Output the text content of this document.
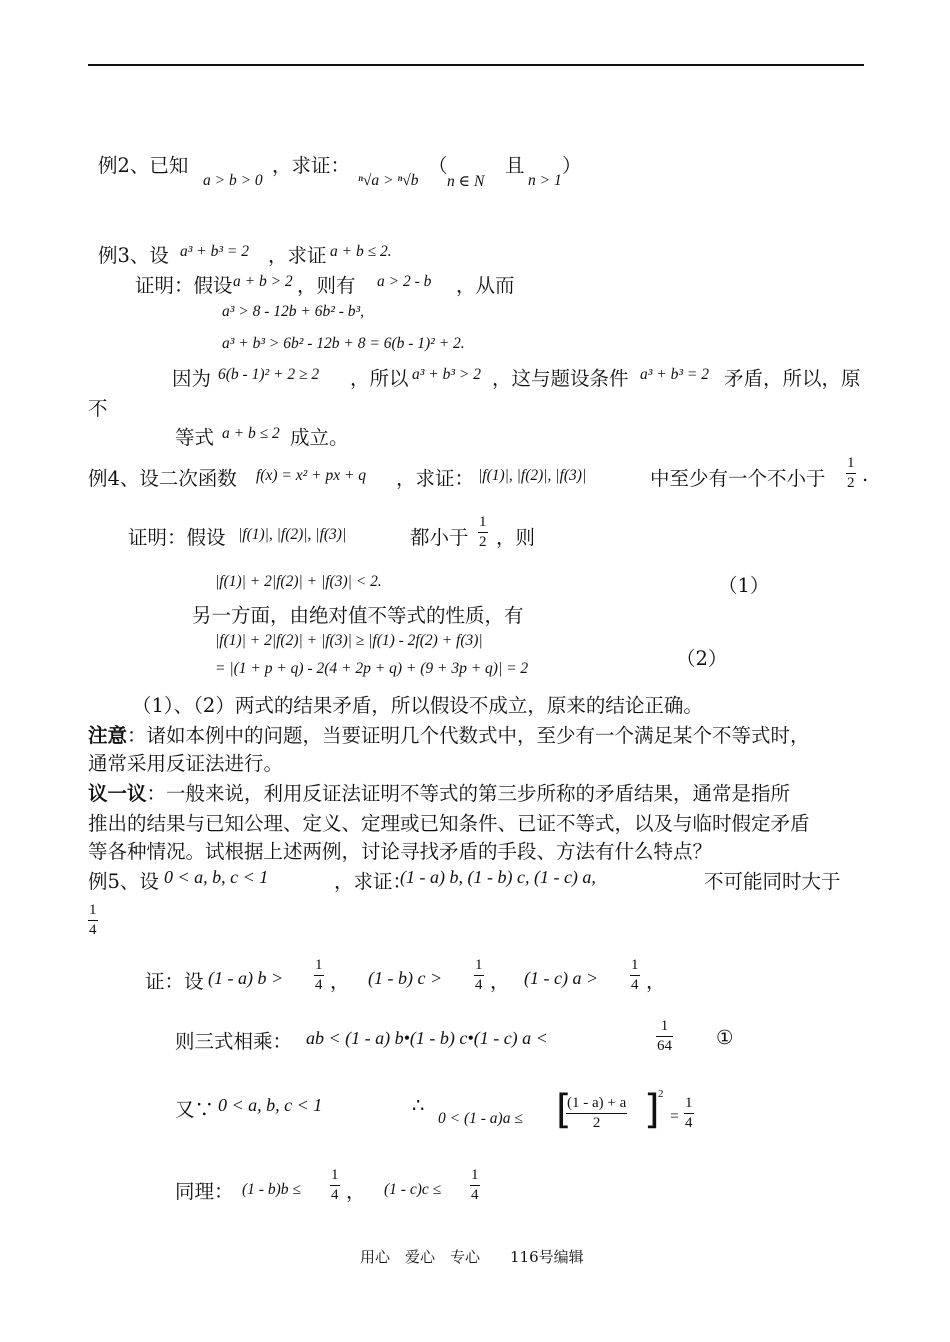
例2、已知
a > b > 0
，求证：
ⁿ√a > ⁿ√b
（
n ∈ N
且
n > 1
）
例3、设 a³ + b³ = 2 ，求证 a + b ≤ 2.
证明：假设 a + b > 2 ，则有 a > 2 - b ，从而
a³ > 8 - 12b + 6b² - b³,
a³ + b³ > 6b² - 12b + 8 = 6(b - 1)² + 2.
因为 6(b - 1)² + 2 ≥ 2 ，所以 a³ + b³ > 2 ，这与题设条件 a³ + b³ = 2 矛盾，所以，原
不
等式 a + b ≤ 2 成立。
例4、设二次函数 f(x) = x² + px + q ，求证： |f(1)|, |f(2)|, |f(3)|	中至少有一个不小于 $\frac{1}{2}$ .
证明：假设 |f(1)|, |f(2)|, |f(3)|	都小于 $\frac{1}{2}$ ，则
|f(1)| + 2|f(2)| + |f(3)| < 2.	（1）
另一方面，由绝对值不等式的性质，有
|f(1)| + 2|f(2)| + |f(3)| ≥ |f(1) - 2f(2) + f(3)|
= |(1 + p + q) - 2(4 + 2p + q) + (9 + 3p + q)| = 2	（2）
（1）、（2）两式的结果矛盾，所以假设不成立，原来的结论正确。
注意：诸如本例中的问题，当要证明几个代数式中，至少有一个满足某个不等式时，
通常采用反证法进行。
议一议：一般来说，利用反证法证明不等式的第三步所称的矛盾结果，通常是指所
推出的结果与已知公理、定义、定理或已知条件、已证不等式，以及与临时假定矛盾
等各种情况。试根据上述两例，讨论寻找矛盾的手段、方法有什么特点？
例5、设 0 < a, b, c < 1	，求证：
(1 - a) b, (1 - b) c, (1 - c) a,	不可能同时大于
$\frac{1}{4}$
证：设 (1 - a) $b > \frac{1}{4}$ ， (1 - b) $c > \frac{1}{4}$ ， (1 - c) $a > \frac{1}{4}$ ，
则三式相乘： ab < (1 - a) b•(1 - b) c•(1 - c) a <	$\frac{1}{64}$ ①
又∵ 0 < a, b, c < 1	∴
0 < (1 - a)a ≤ [
$\frac{(1 - a) + a}{2}$ ]
2
= $\frac{1}{4}$
同理： $(1 - b)b \le \frac{1}{4}$ ， $(1 - c)c \le \frac{1}{4}$
用心　爱心　专心　　116号编辑
